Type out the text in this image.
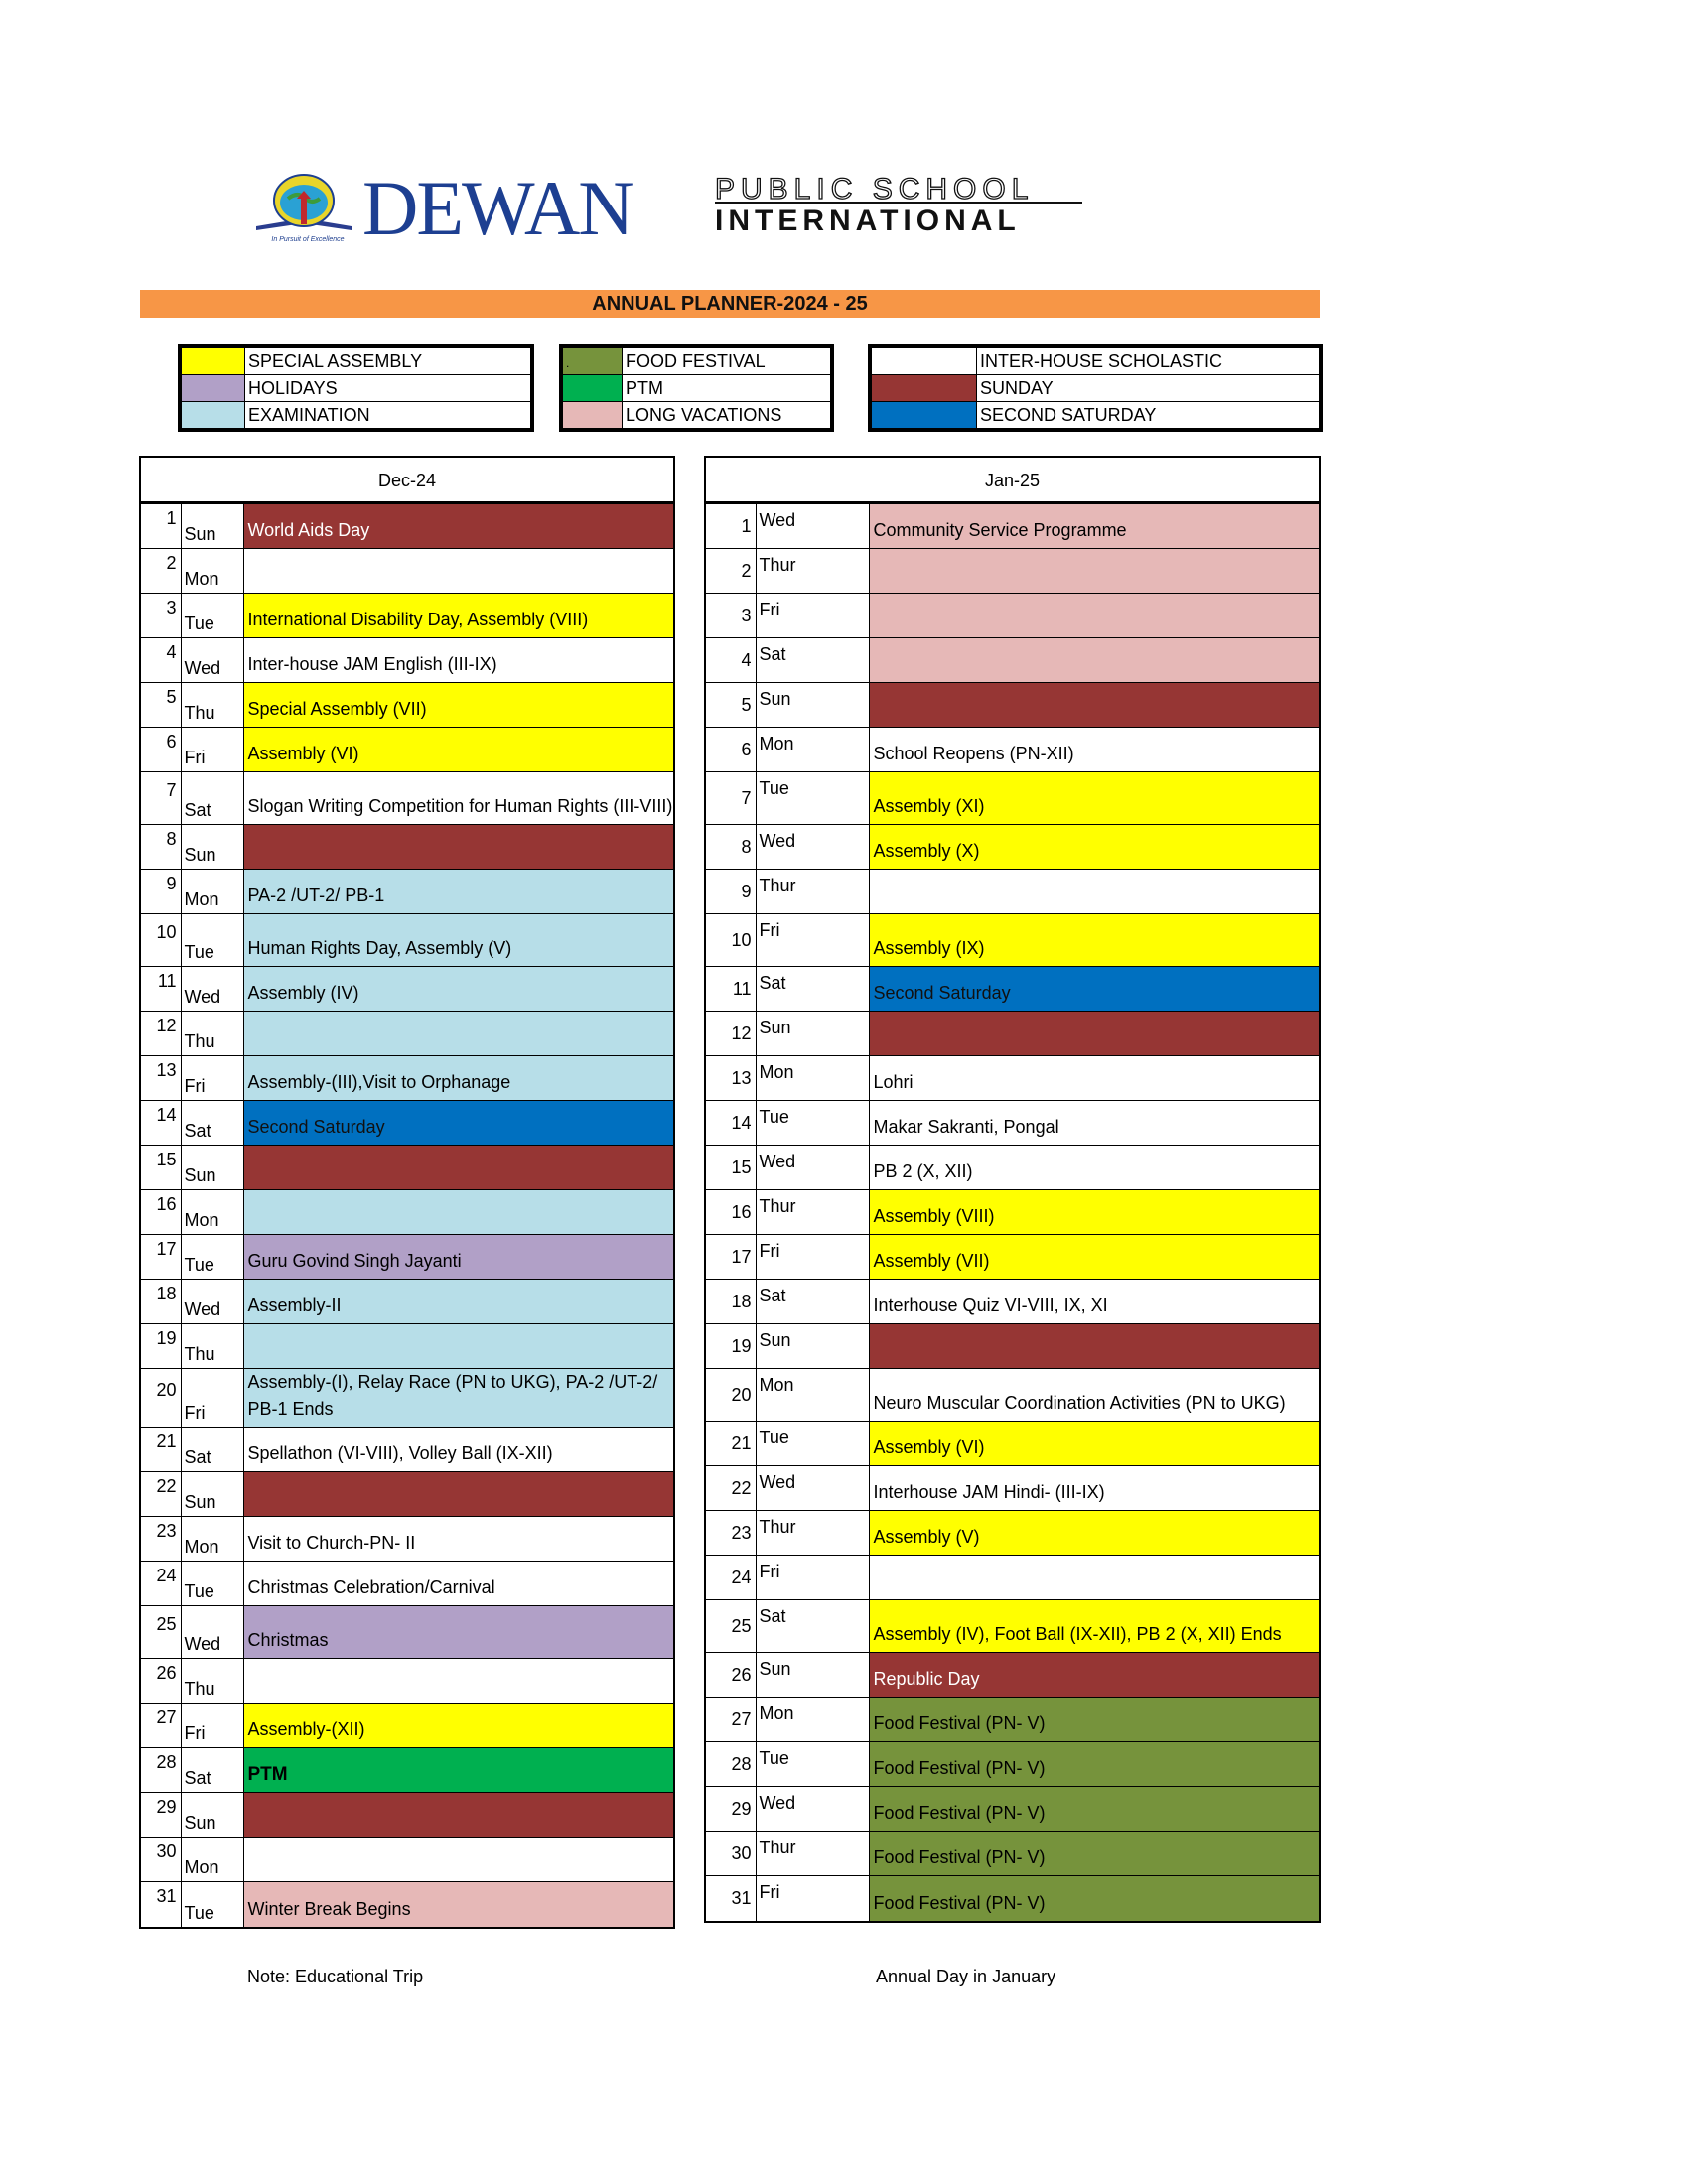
In Pursuit of Excellence DEWAN	PUBLIC SCHOOL
INTERNATIONAL
ANNUAL PLANNER-2024 - 25
	SPECIAL ASSEMBLY
	HOLIDAYS
	EXAMINATION
.	FOOD FESTIVAL
	PTM
	LONG VACATIONS
	INTER-HOUSE SCHOLASTIC
	SUNDAY
	SECOND SATURDAY
Dec-24
1	Sun	World Aids Day
2	Mon	
3	Tue	International Disability Day, Assembly (VIII)
4	Wed	Inter-house JAM English (III-IX)
5	Thu	Special Assembly (VII)
6	Fri	Assembly (VI)
7	Sat	Slogan Writing Competition for Human Rights (III-VIII)
8	Sun	
9	Mon	PA-2 /UT-2/ PB-1
10	Tue	Human Rights Day, Assembly (V)
11	Wed	Assembly (IV)
12	Thu	
13	Fri	Assembly-(III),Visit to Orphanage
14	Sat	Second Saturday
15	Sun	
16	Mon	
17	Tue	Guru Govind Singh Jayanti
18	Wed	Assembly-II
19	Thu	
20	Fri	Assembly-(I), Relay Race (PN to UKG), PA-2 /UT-2/ PB-1 Ends
21	Sat	Spellathon (VI-VIII), Volley Ball (IX-XII)
22	Sun	
23	Mon	Visit to Church-PN- II
24	Tue	Christmas Celebration/Carnival
25	Wed	Christmas
26	Thu	
27	Fri	Assembly-(XII)
28	Sat	PTM
29	Sun	
30	Mon	
31	Tue	Winter Break Begins
Jan-25
1	Wed	Community Service Programme
2	Thur	
3	Fri	
4	Sat	
5	Sun	
6	Mon	School Reopens (PN-XII)
7	Tue	Assembly (XI)
8	Wed	Assembly (X)
9	Thur	
10	Fri	Assembly (IX)
11	Sat	Second Saturday
12	Sun	
13	Mon	Lohri
14	Tue	Makar Sakranti, Pongal
15	Wed	PB 2 (X, XII)
16	Thur	Assembly (VIII)
17	Fri	Assembly (VII)
18	Sat	Interhouse Quiz VI-VIII, IX, XI
19	Sun	
20	Mon	Neuro Muscular Coordination Activities (PN to UKG)
21	Tue	Assembly (VI)
22	Wed	Interhouse JAM Hindi- (III-IX)
23	Thur	Assembly (V)
24	Fri	
25	Sat	Assembly (IV), Foot Ball (IX-XII), PB 2 (X, XII) Ends
26	Sun	Republic Day
27	Mon	Food Festival (PN- V)
28	Tue	Food Festival (PN- V)
29	Wed	Food Festival (PN- V)
30	Thur	Food Festival (PN- V)
31	Fri	Food Festival (PN- V)
Note: Educational Trip	Annual Day in January
